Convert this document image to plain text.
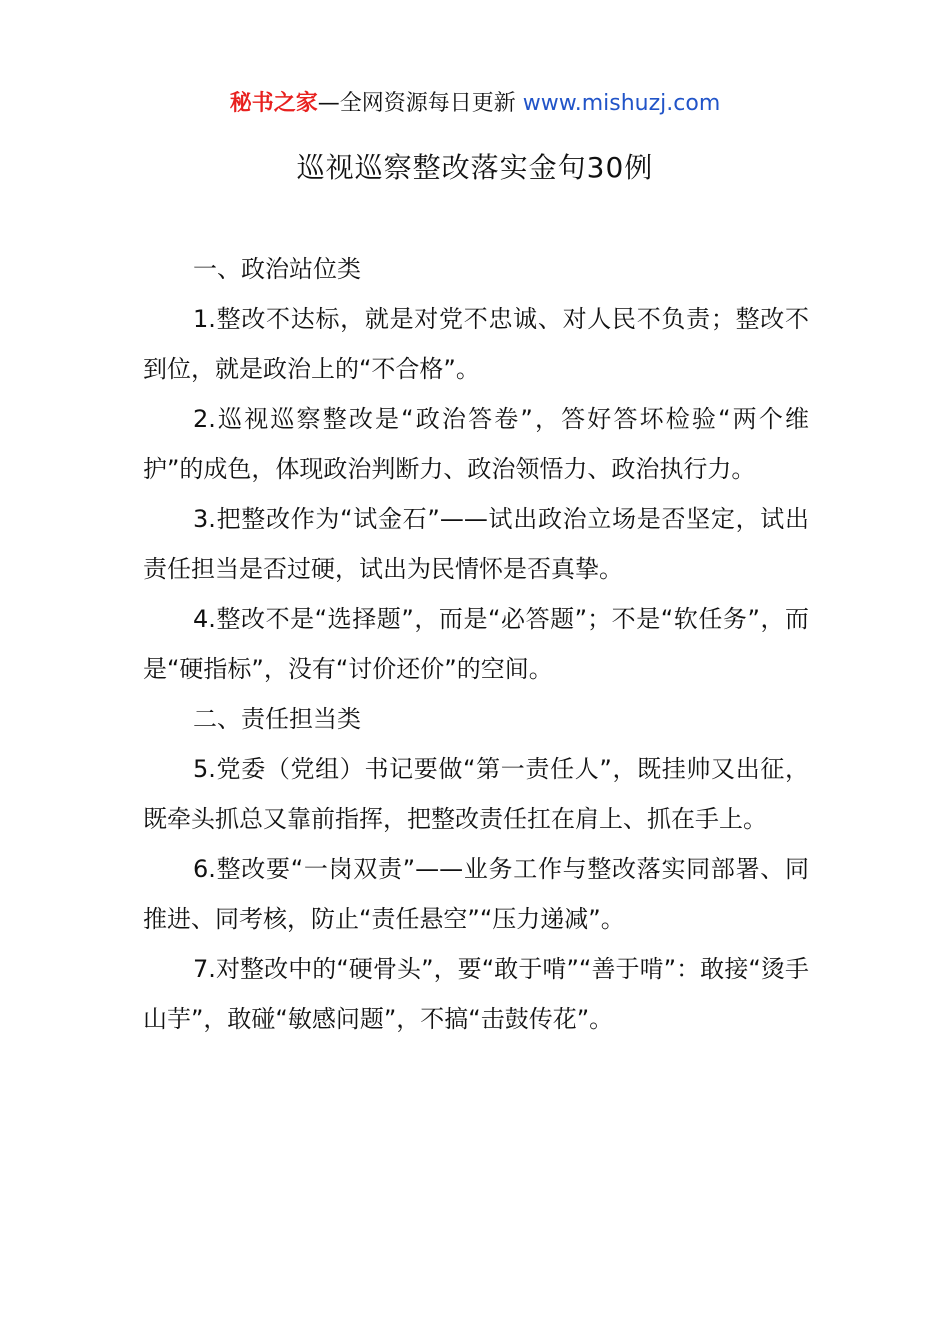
秘书之家—全网资源每日更新 www.mishuzj.com
巡视巡察整改落实金句30例

一、政治站位类

1.整改不达标，就是对党不忠诚、对人民不负责；整改不到位，就是政治上的“不合格”。

2.巡视巡察整改是“政治答卷”，答好答坏检验“两个维护”的成色，体现政治判断力、政治领悟力、政治执行力。

3.把整改作为“试金石”——试出政治立场是否坚定，试出责任担当是否过硬，试出为民情怀是否真挚。

4.整改不是“选择题”，而是“必答题”；不是“软任务”，而是“硬指标”，没有“讨价还价”的空间。

二、责任担当类

5.党委（党组）书记要做“第一责任人”，既挂帅又出征，既牵头抓总又靠前指挥，把整改责任扛在肩上、抓在手上。

6.整改要“一岗双责”——业务工作与整改落实同部署、同推进、同考核，防止“责任悬空”“压力递减”。

7.对整改中的“硬骨头”，要“敢于啃”“善于啃”：敢接“烫手山芋”，敢碰“敏感问题”，不搞“击鼓传花”。
